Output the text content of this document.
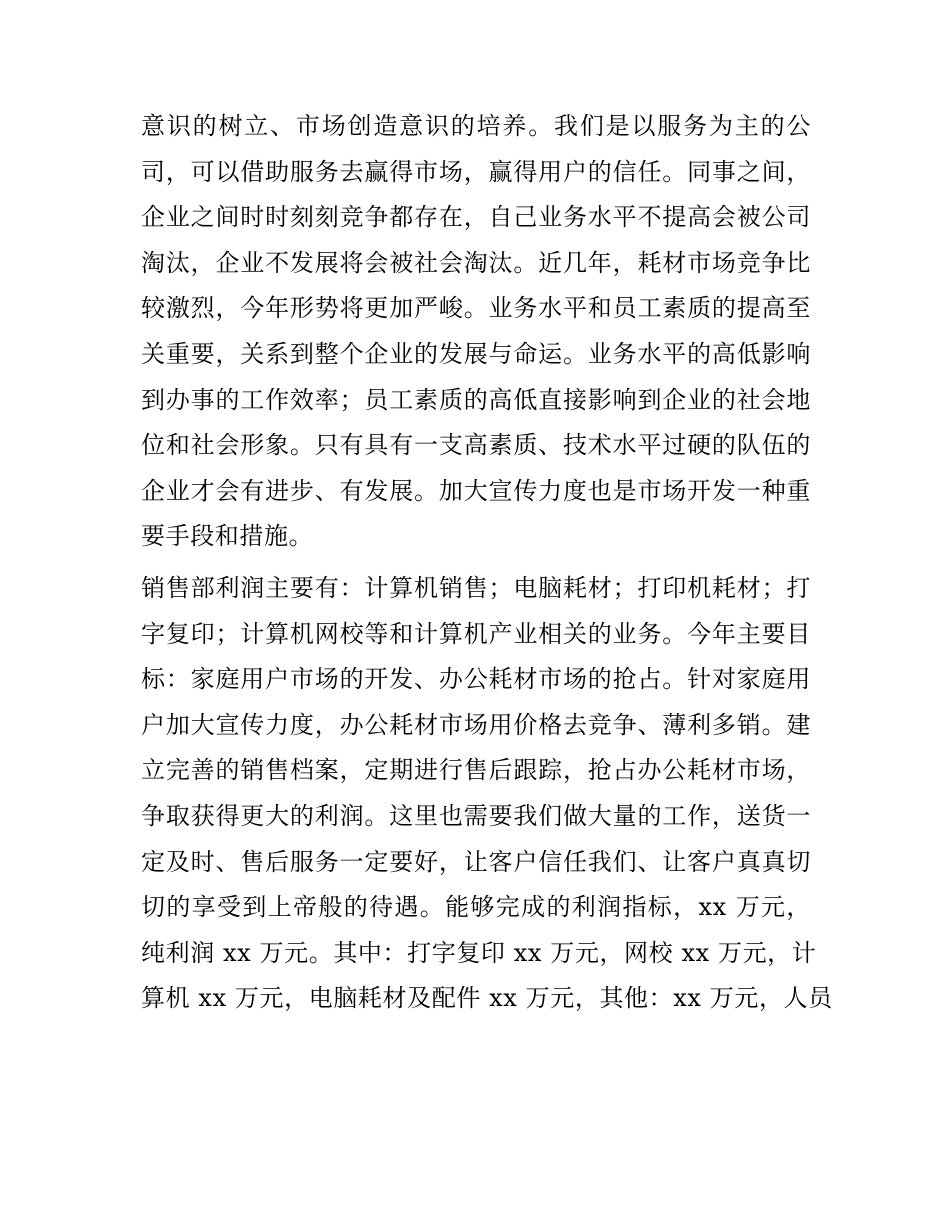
意识的树立、市场创造意识的培养。我们是以服务为主的公
司，可以借助服务去赢得市场，赢得用户的信任。同事之间，
企业之间时时刻刻竞争都存在，自己业务水平不提高会被公司
淘汰，企业不发展将会被社会淘汰。近几年，耗材市场竞争比
较激烈，今年形势将更加严峻。业务水平和员工素质的提高至
关重要，关系到整个企业的发展与命运。业务水平的高低影响
到办事的工作效率；员工素质的高低直接影响到企业的社会地
位和社会形象。只有具有一支高素质、技术水平过硬的队伍的
企业才会有进步、有发展。加大宣传力度也是市场开发一种重
要手段和措施。
销售部利润主要有：计算机销售；电脑耗材；打印机耗材；打
字复印；计算机网校等和计算机产业相关的业务。今年主要目
标：家庭用户市场的开发、办公耗材市场的抢占。针对家庭用
户加大宣传力度，办公耗材市场用价格去竞争、薄利多销。建
立完善的销售档案，定期进行售后跟踪，抢占办公耗材市场，
争取获得更大的利润。这里也需要我们做大量的工作，送货一
定及时、售后服务一定要好，让客户信任我们、让客户真真切
切的享受到上帝般的待遇。能够完成的利润指标，xx 万元，
纯利润 xx 万元。其中：打字复印 xx 万元，网校 xx 万元，计
算机 xx 万元，电脑耗材及配件 xx 万元，其他：xx 万元，人员
